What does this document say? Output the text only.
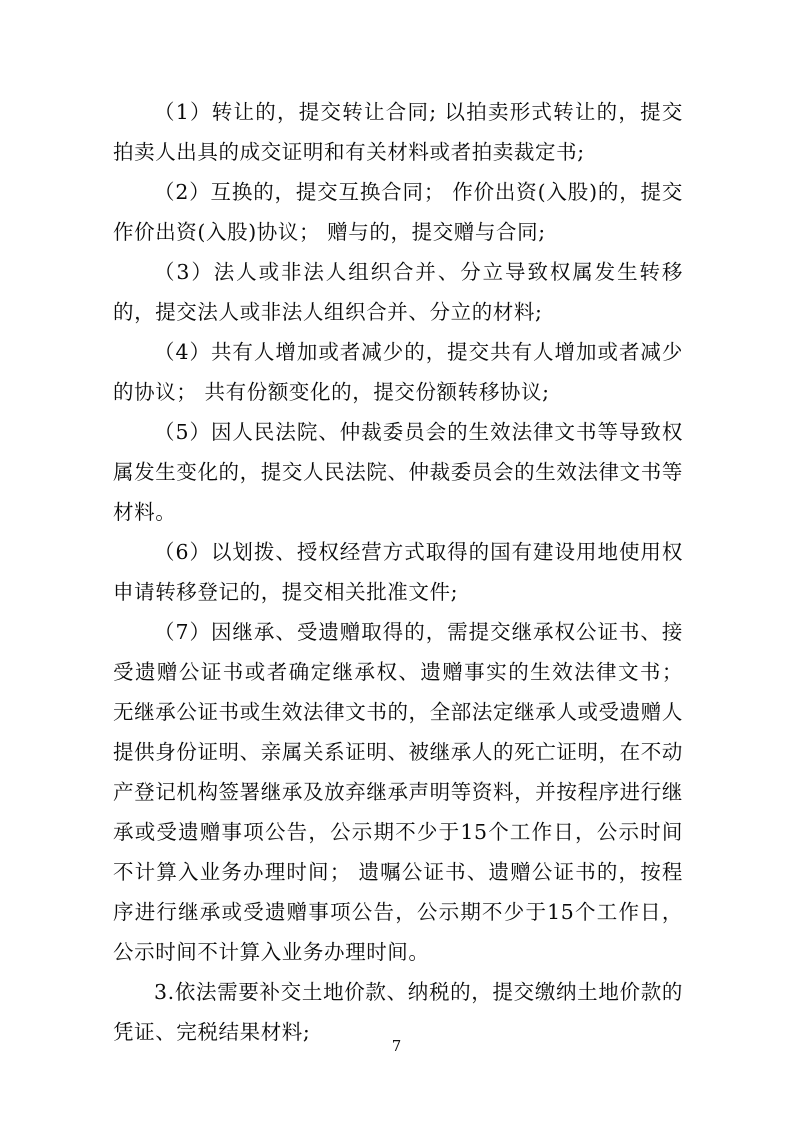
（1）转让的，提交转让合同; 以拍卖形式转让的，提交拍卖人出具的成交证明和有关材料或者拍卖裁定书;

（2）互换的，提交互换合同； 作价出资(入股)的，提交作价出资(入股)协议； 赠与的，提交赠与合同;

（3）法人或非法人组织合并、分立导致权属发生转移的，提交法人或非法人组织合并、分立的材料;

（4）共有人增加或者减少的，提交共有人增加或者减少的协议； 共有份额变化的，提交份额转移协议;

（5）因人民法院、仲裁委员会的生效法律文书等导致权属发生变化的，提交人民法院、仲裁委员会的生效法律文书等材料。

（6）以划拨、授权经营方式取得的国有建设用地使用权申请转移登记的，提交相关批准文件;

（7）因继承、受遗赠取得的，需提交继承权公证书、接受遗赠公证书或者确定继承权、遗赠事实的生效法律文书； 无继承公证书或生效法律文书的，全部法定继承人或受遗赠人提供身份证明、亲属关系证明、被继承人的死亡证明，在不动产登记机构签署继承及放弃继承声明等资料，并按程序进行继承或受遗赠事项公告，公示期不少于15个工作日，公示时间不计算入业务办理时间； 遗嘱公证书、遗赠公证书的，按程序进行继承或受遗赠事项公告，公示期不少于15个工作日，公示时间不计算入业务办理时间。

3.依法需要补交土地价款、纳税的，提交缴纳土地价款的凭证、完税结果材料;

7
